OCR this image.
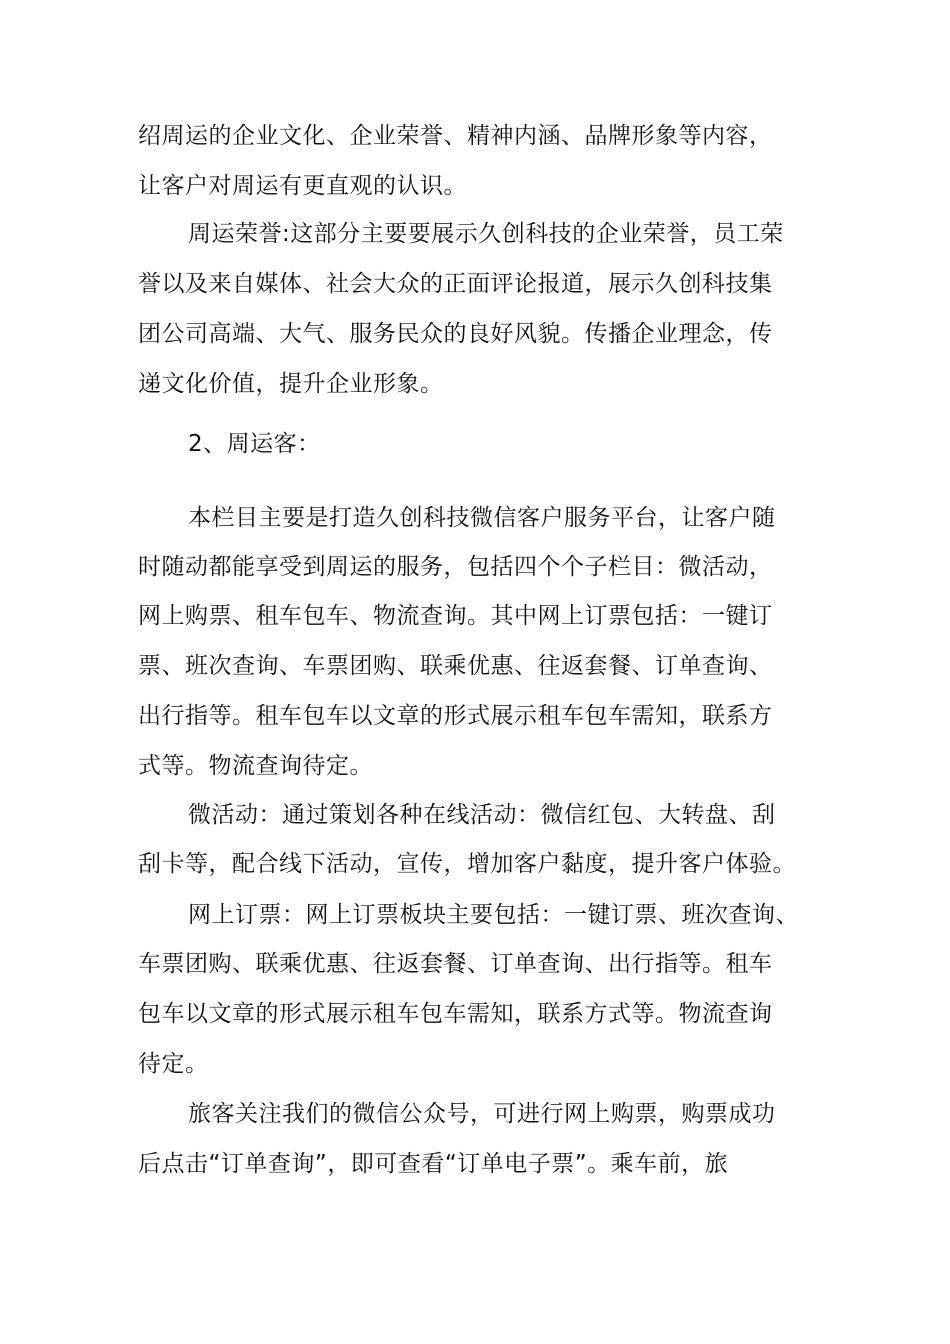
绍周运的企业文化、企业荣誉、精神内涵、品牌形象等内容，
让客户对周运有更直观的认识。
周运荣誉:这部分主要要展示久创科技的企业荣誉，员工荣
誉以及来自媒体、社会大众的正面评论报道，展示久创科技集
团公司高端、大气、服务民众的良好风貌。传播企业理念，传
递文化价值，提升企业形象。
2、周运客：
本栏目主要是打造久创科技微信客户服务平台，让客户随
时随动都能享受到周运的服务，包括四个个子栏目：微活动，
网上购票、租车包车、物流查询。其中网上订票包括：一键订
票、班次查询、车票团购、联乘优惠、往返套餐、订单查询、
出行指等。租车包车以文章的形式展示租车包车需知，联系方
式等。物流查询待定。
微活动：通过策划各种在线活动：微信红包、大转盘、刮
刮卡等，配合线下活动，宣传，增加客户黏度，提升客户体验。
网上订票：网上订票板块主要包括：一键订票、班次查询、
车票团购、联乘优惠、往返套餐、订单查询、出行指等。租车
包车以文章的形式展示租车包车需知，联系方式等。物流查询
待定。
旅客关注我们的微信公众号，可进行网上购票，购票成功
后点击“订单查询”，即可查看“订单电子票”。乘车前，旅
